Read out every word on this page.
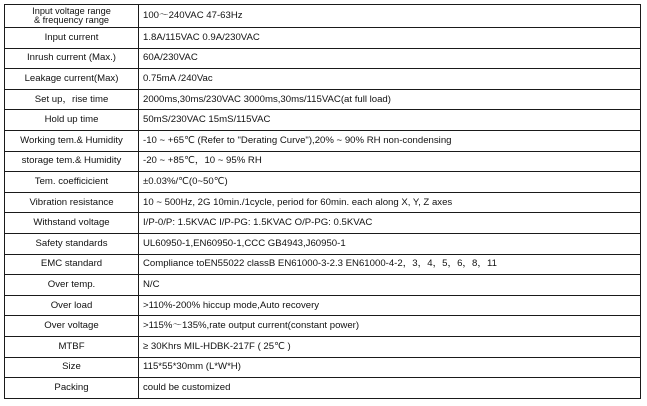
Input voltage range
& frequency range	100～240VAC 47-63Hz
Input current	1.8A/115VAC 0.9A/230VAC
Inrush current (Max.)	60A/230VAC
Leakage current(Max)	0.75mA /240Vac
Set up，rise time	2000ms,30ms/230VAC 3000ms,30ms/115VAC(at full load)
Hold up time	50mS/230VAC 15mS/115VAC
Working tem.& Humidity	-10 ~ +65℃ (Refer to "Derating Curve"),20% ~ 90% RH non-condensing
storage tem.& Humidity	-20 ~ +85℃，10 ~ 95% RH
Tem. coefficicient	±0.03%/℃(0~50℃)
Vibration resistance	10 ~ 500Hz, 2G 10min./1cycle, period for 60min. each along X, Y, Z axes
Withstand voltage	I/P-0/P: 1.5KVAC I/P-PG: 1.5KVAC O/P-PG: 0.5KVAC
Safety standards	UL60950-1,EN60950-1,CCC GB4943,J60950-1
EMC standard	Compliance toEN55022 classB EN61000-3-2.3 EN61000-4-2，3，4，5，6，8，11
Over temp.	N/C
Over load	>110%-200% hiccup mode,Auto recovery
Over voltage	>115%～135%,rate output current(constant power)
MTBF	≥ 30Khrs MIL-HDBK-217F ( 25℃ )
Size	115*55*30mm (L*W*H)
Packing	could be customized
